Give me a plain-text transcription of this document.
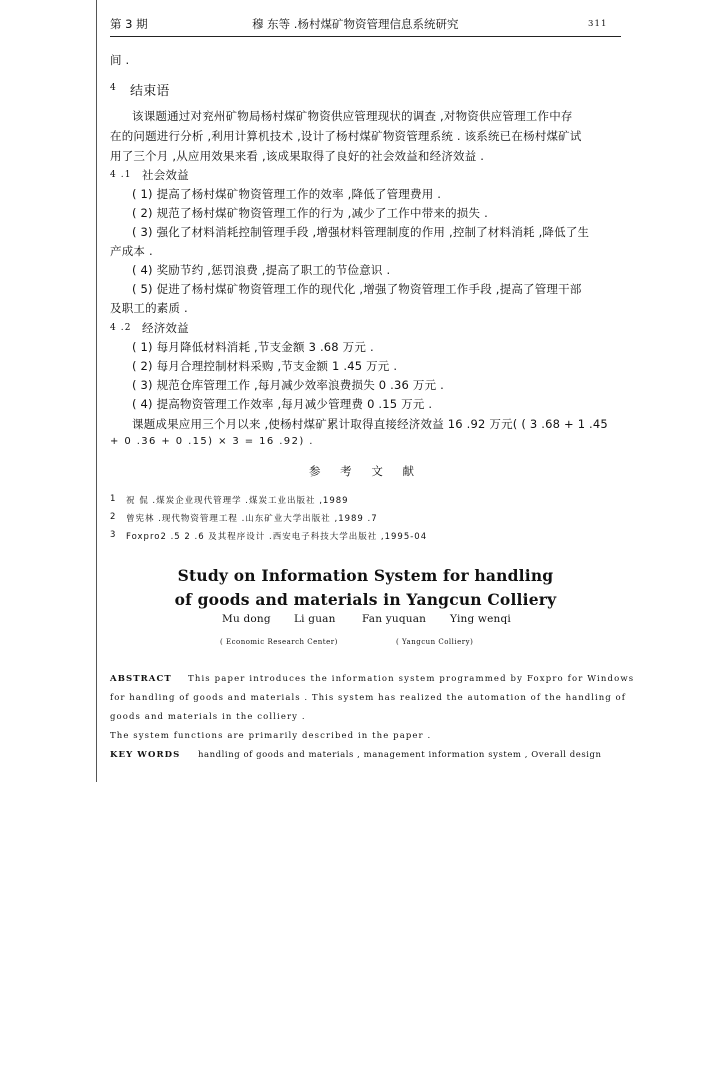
第 3 期	穆 东等 .杨村煤矿物资管理信息系统研究	311
间 .
4 结束语
该课题通过对兖州矿物局杨村煤矿物资供应管理现状的调查 ,对物资供应管理工作中存
在的问题进行分析 ,利用计算机技术 ,设计了杨村煤矿物资管理系统 . 该系统已在杨村煤矿试
用了三个月 ,从应用效果来看 ,该成果取得了良好的社会效益和经济效益 .
4 .1 社会效益
( 1) 提高了杨村煤矿物资管理工作的效率 ,降低了管理费用 .
( 2) 规范了杨村煤矿物资管理工作的行为 ,减少了工作中带来的损失 .
( 3) 强化了材料消耗控制管理手段 ,增强材料管理制度的作用 ,控制了材料消耗 ,降低了生
产成本 .
( 4) 奖励节约 ,惩罚浪费 ,提高了职工的节俭意识 .
( 5) 促进了杨村煤矿物资管理工作的现代化 ,增强了物资管理工作手段 ,提高了管理干部
及职工的素质 .
4 .2 经济效益
( 1) 每月降低材料消耗 ,节支金额 3 .68 万元 .
( 2) 每月合理控制材料采购 ,节支金额 1 .45 万元 .
( 3) 规范仓库管理工作 ,每月减少效率浪费损失 0 .36 万元 .
( 4) 提高物资管理工作效率 ,每月减少管理费 0 .15 万元 .
课题成果应用三个月以来 ,使杨村煤矿累计取得直接经济效益 16 .92 万元( ( 3 .68 + 1 .45
+ 0 .36 + 0 .15) × 3 = 16 .92) .
参 考 文 献
1 祝 侃 .煤炭企业现代管理学 .煤炭工业出版社 ,1989
2 曾宪林 .现代物资管理工程 .山东矿业大学出版社 ,1989 .7
3 Foxpro2 .5 2 .6 及其程序设计 .西安电子科技大学出版社 ,1995-04
Study on Information System for handling
of goods and materials in Yangcun Colliery
Mu dong Li guan	Fan yuquan Ying wenqi
( Economic Research Center)	( Yangcun Colliery)
ABSTRACT This paper introduces the information system programmed by Foxpro for Windows
for handling of goods and materials . This system has realized the automation of the handling of
goods and materials in the colliery .
The system functions are primarily described in the paper .
KEY WORDS handling of goods and materials , management information system , Overall design
